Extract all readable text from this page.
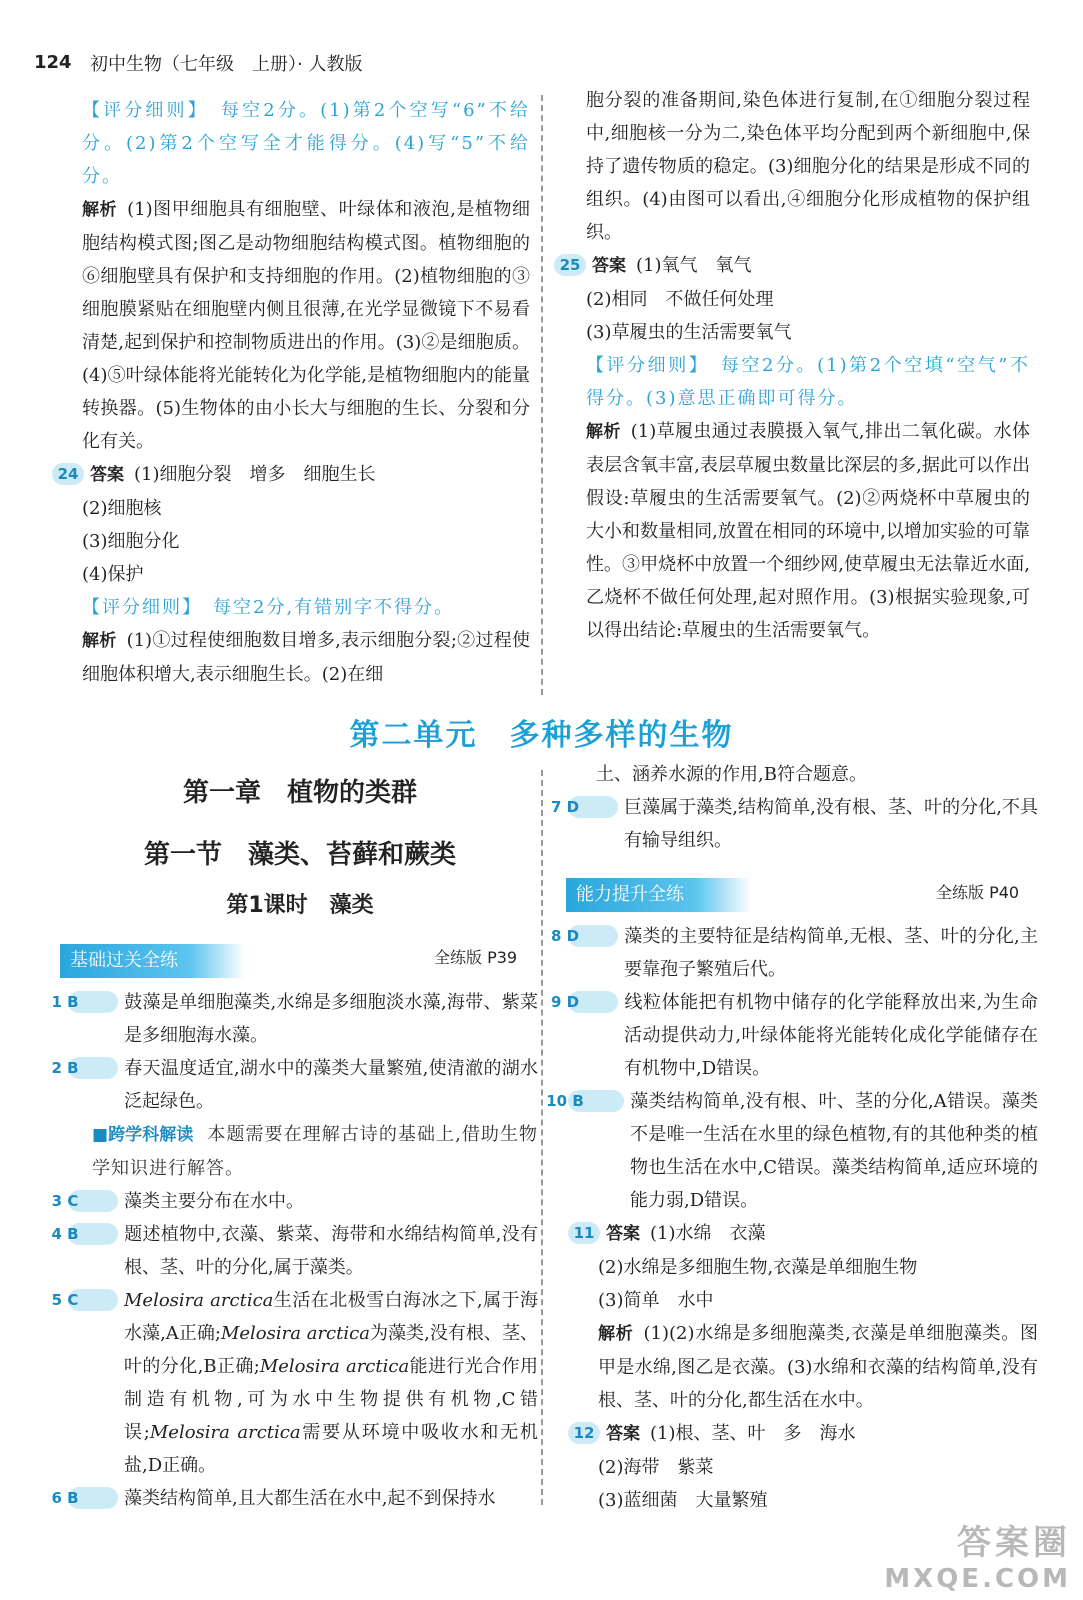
124 初中生物（七年级　上册）· 人教版

【评分细则】　每空2分。(1)第2个空写“6”不给分。(2)第2个空写全才能得分。(4)写“5”不给分。

解析 (1)图甲细胞具有细胞壁、叶绿体和液泡,是植物细胞结构模式图;图乙是动物细胞结构模式图。植物细胞的⑥细胞壁具有保护和支持细胞的作用。(2)植物细胞的③细胞膜紧贴在细胞壁内侧且很薄,在光学显微镜下不易看清楚,起到保护和控制物质进出的作用。(3)②是细胞质。(4)⑤叶绿体能将光能转化为化学能,是植物细胞内的能量转换器。(5)生物体的由小长大与细胞的生长、分裂和分化有关。

24 答案 (1)细胞分裂　增多　细胞生长

(2)细胞核

(3)细胞分化

(4)保护

【评分细则】　每空2分,有错别字不得分。

解析 (1)①过程使细胞数目增多,表示细胞分裂;②过程使细胞体积增大,表示细胞生长。(2)在细

胞分裂的准备期间,染色体进行复制,在①细胞分裂过程中,细胞核一分为二,染色体平均分配到两个新细胞中,保持了遗传物质的稳定。(3)细胞分化的结果是形成不同的组织。(4)由图可以看出,④细胞分化形成植物的保护组织。

25 答案 (1)氧气　氧气

(2)相同　不做任何处理

(3)草履虫的生活需要氧气

【评分细则】　每空2分。(1)第2个空填“空气”不得分。(3)意思正确即可得分。

解析 (1)草履虫通过表膜摄入氧气,排出二氧化碳。水体表层含氧丰富,表层草履虫数量比深层的多,据此可以作出假设:草履虫的生活需要氧气。(2)②两烧杯中草履虫的大小和数量相同,放置在相同的环境中,以增加实验的可靠性。③甲烧杯中放置一个细纱网,使草履虫无法靠近水面,乙烧杯不做任何处理,起对照作用。(3)根据实验现象,可以得出结论:草履虫的生活需要氧气。

第二单元　多种多样的生物
第一章　植物的类群
第一节　藻类、苔藓和蕨类
第1课时　藻类
基础过关全练	全练版 P39

1 B	鼓藻是单细胞藻类,水绵是多细胞淡水藻,海带、紫菜是多细胞海水藻。

2 B	春天温度适宜,湖水中的藻类大量繁殖,使清澈的湖水泛起绿色。

■跨学科解读 本题需要在理解古诗的基础上,借助生物学知识进行解答。

3 C	藻类主要分布在水中。

4 B	题述植物中,衣藻、紫菜、海带和水绵结构简单,没有根、茎、叶的分化,属于藻类。

5 C	Melosira arctica生活在北极雪白海冰之下,属于海水藻,A正确;Melosira arctica为藻类,没有根、茎、叶的分化,B正确;Melosira arctica能进行光合作用制造有机物,可为水中生物提供有机物,C错误;Melosira arctica需要从环境中吸收水和无机盐,D正确。

6 B	藻类结构简单,且大都生活在水中,起不到保持水

土、涵养水源的作用,B符合题意。

7 D 巨藻属于藻类,结构简单,没有根、茎、叶的分化,不具有输导组织。

能力提升全练	全练版 P40

8 D 藻类的主要特征是结构简单,无根、茎、叶的分化,主要靠孢子繁殖后代。

9 D 线粒体能把有机物中储存的化学能释放出来,为生命活动提供动力,叶绿体能将光能转化成化学能储存在有机物中,D错误。

10 B	藻类结构简单,没有根、叶、茎的分化,A错误。藻类不是唯一生活在水里的绿色植物,有的其他种类的植物也生活在水中,C错误。藻类结构简单,适应环境的能力弱,D错误。

11 答案 (1)水绵　衣藻

(2)水绵是多细胞生物,衣藻是单细胞生物

(3)简单　水中

解析 (1)(2)水绵是多细胞藻类,衣藻是单细胞藻类。图甲是水绵,图乙是衣藻。(3)水绵和衣藻的结构简单,没有根、茎、叶的分化,都生活在水中。

12 答案 (1)根、茎、叶　多　海水

(2)海带　紫菜

(3)蓝细菌　大量繁殖

答案圈
MXQE.COM
